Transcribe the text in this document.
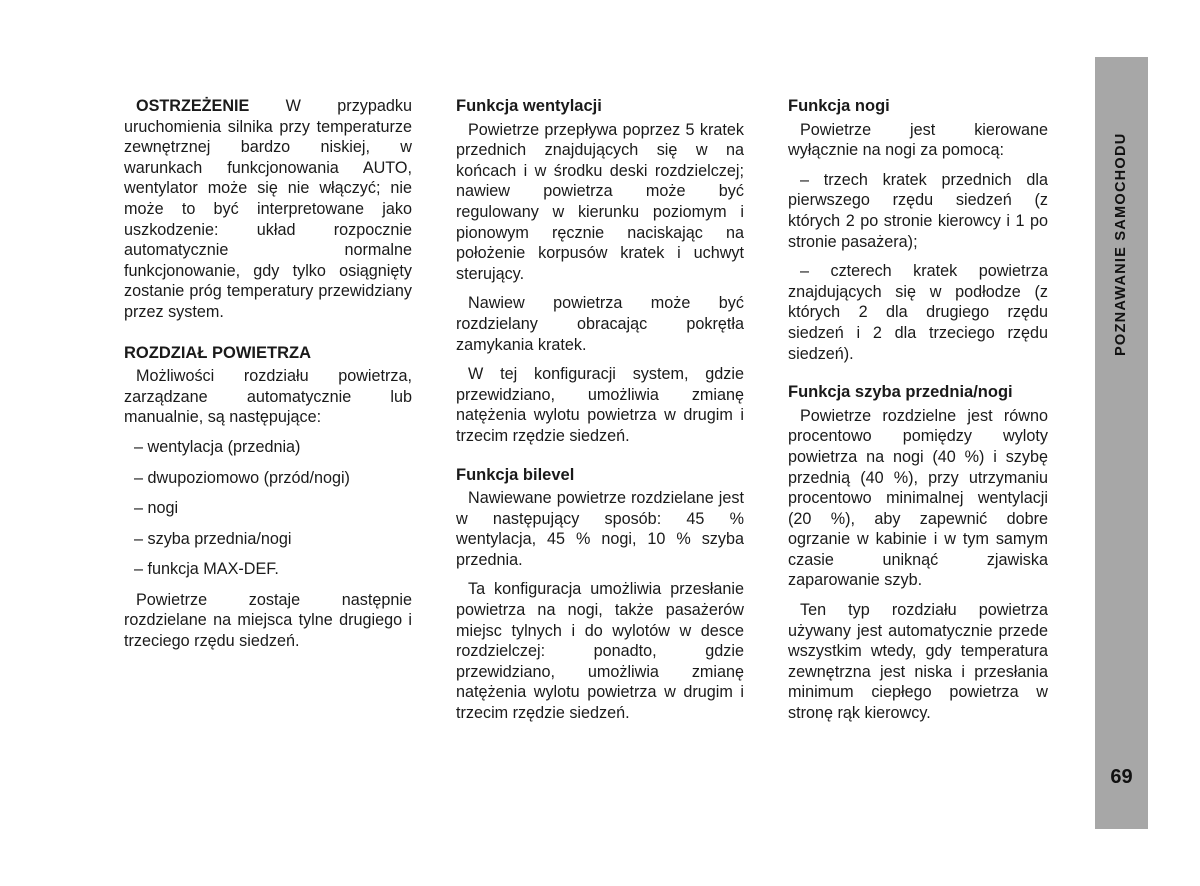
OSTRZEŻENIE W przypadku uruchomienia silnika przy temperaturze zewnętrznej bardzo niskiej, w warunkach funkcjonowania AUTO, wentylator może się nie włączyć; nie może to być interpretowane jako uszkodzenie: układ rozpocznie automatycznie normalne funkcjonowanie, gdy tylko osiągnięty zostanie próg temperatury przewidziany przez system.

ROZDZIAŁ POWIETRZA

Możliwości rozdziału powietrza, zarządzane automatycznie lub manualnie, są następujące:

– wentylacja (przednia)

– dwupoziomowo (przód/nogi)

– nogi

– szyba przednia/nogi

– funkcja MAX-DEF.

Powietrze zostaje następnie rozdzielane na miejsca tylne drugiego i trzeciego rzędu siedzeń.

Funkcja wentylacji

Powietrze przepływa poprzez 5 kratek przednich znajdujących się w na końcach i w środku deski rozdzielczej; nawiew powietrza może być regulowany w kierunku poziomym i pionowym ręcznie naciskając na położenie korpusów kratek i uchwyt sterujący.

Nawiew powietrza może być rozdzielany obracając pokrętła zamykania kratek.

W tej konfiguracji system, gdzie przewidziano, umożliwia zmianę natężenia wylotu powietrza w drugim i trzecim rzędzie siedzeń.

Funkcja bilevel

Nawiewane powietrze rozdzielane jest w następujący sposób: 45 % wentylacja, 45 % nogi, 10 % szyba przednia.

Ta konfiguracja umożliwia przesłanie powietrza na nogi, także pasażerów miejsc tylnych i do wylotów w desce rozdzielczej: ponadto, gdzie przewidziano, umożliwia zmianę natężenia wylotu powietrza w drugim i trzecim rzędzie siedzeń.

Funkcja nogi

Powietrze jest kierowane wyłącznie na nogi za pomocą:

– trzech kratek przednich dla pierwszego rzędu siedzeń (z których 2 po stronie kierowcy i 1 po stronie pasażera);

– czterech kratek powietrza znajdujących się w podłodze (z których 2 dla drugiego rzędu siedzeń i 2 dla trzeciego rzędu siedzeń).

Funkcja szyba przednia/nogi

Powietrze rozdzielne jest równo procentowo pomiędzy wyloty powietrza na nogi (40 %) i szybę przednią (40 %), przy utrzymaniu procentowo minimalnej wentylacji (20 %), aby zapewnić dobre ogrzanie w kabinie i w tym samym czasie uniknąć zjawiska zaparowanie szyb.

Ten typ rozdziału powietrza używany jest automatycznie przede wszystkim wtedy, gdy temperatura zewnętrzna jest niska i przesłania minimum ciepłego powietrza w stronę rąk kierowcy.

POZNAWANIE SAMOCHODU
69
